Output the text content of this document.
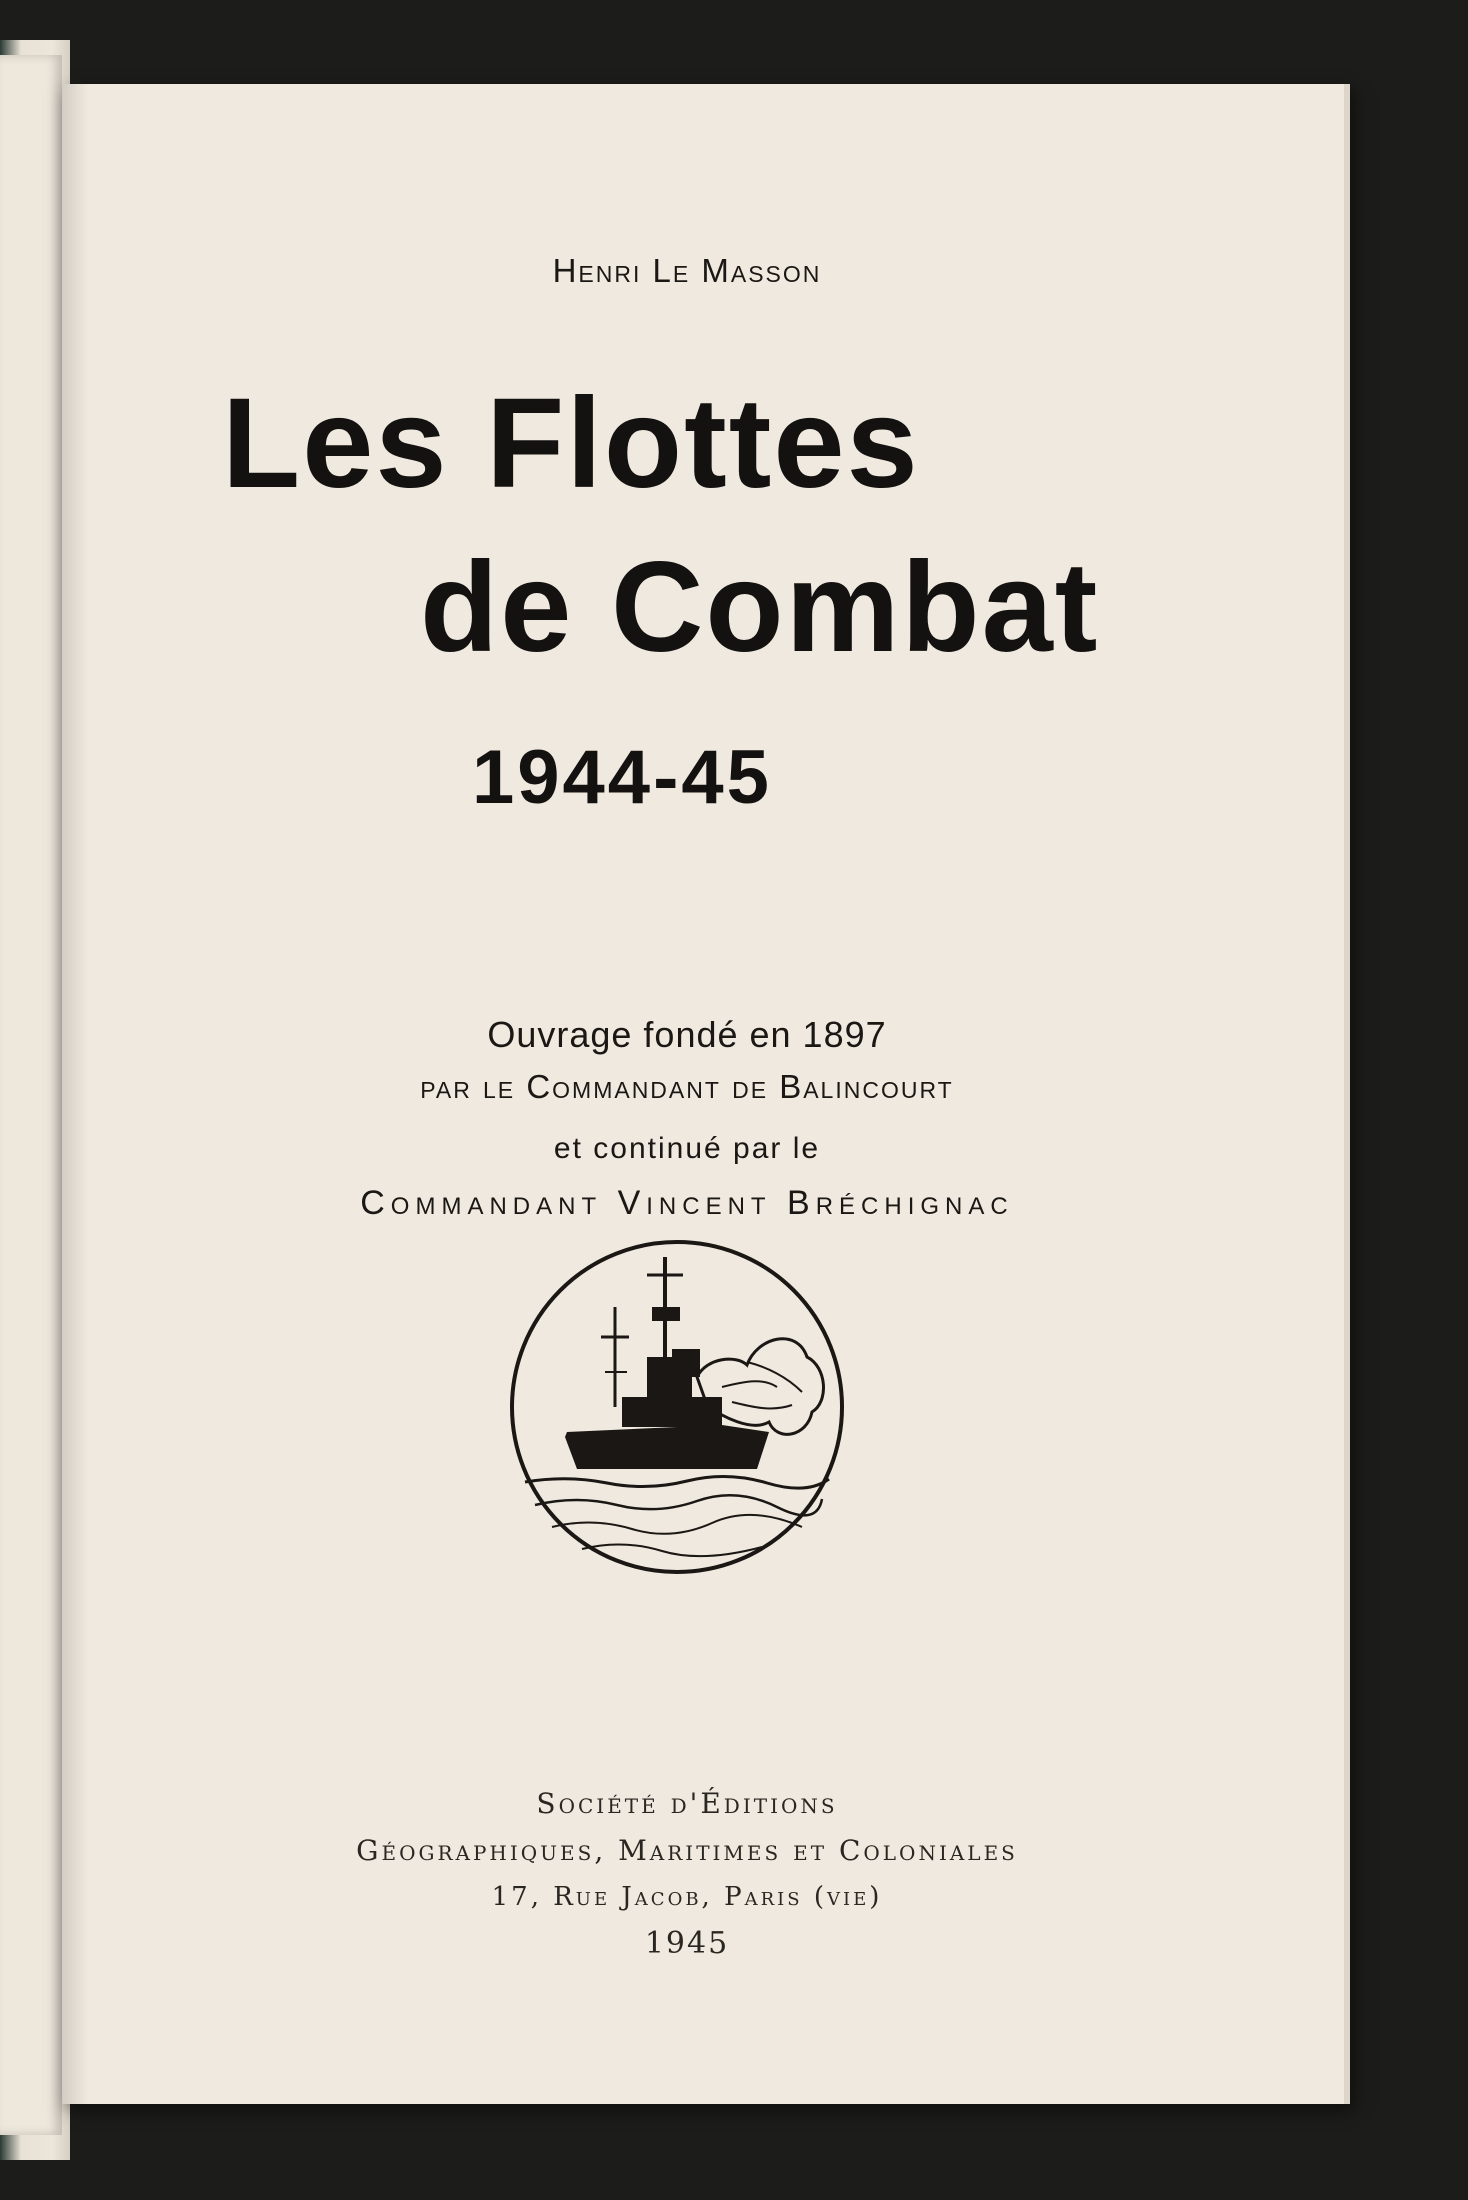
Henri Le Masson
Les Flottes
de Combat
1944-45
Ouvrage fondé en 1897
par le Commandant de Balincourt
et continué par le
Commandant Vincent Bréchignac
Société d'Éditions
Géographiques, Maritimes et Coloniales
17, Rue Jacob, Paris (vie)
1945
